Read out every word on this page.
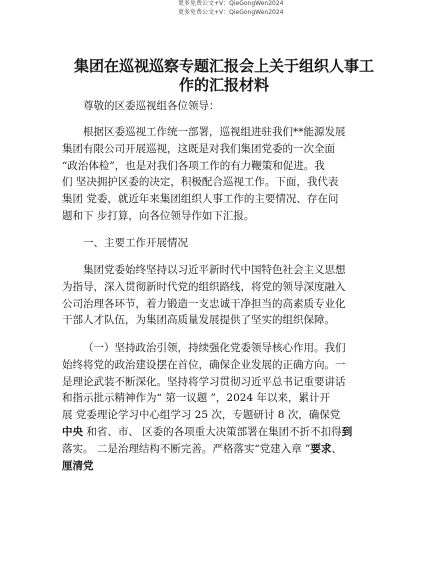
更多免费公文+V：QieGongWen2024
更多免费公文+V：QieGongWen2024
集团在巡视巡察专题汇报会上关于组织人事工
作的汇报材料
尊敬的区委巡视组各位领导：
根据区委巡视工作统一部署，巡视组进驻我们**能源发展
集团有限公司开展巡视，这既是对我们集团党委的一次全面
“政治体检”，也是对我们各项工作的有力鞭策和促进。我
们 坚决拥护区委的决定，积极配合巡视工作。下面，我代表
集团 党委，就近年来集团组织人事工作的主要情况、存在问
题和下 步打算，向各位领导作如下汇报。
一、主要工作开展情况
集团党委始终坚持以习近平新时代中国特色社会主义思想
为指导，深入贯彻新时代党的组织路线，将党的领导深度融入
公司治理各环节，着力锻造一支忠诚干净担当的高素质专业化
干部人才队伍，为集团高质量发展提供了坚实的组织保障。
（一）坚持政治引领，持续强化党委领导核心作用。我们
始终将党的政治建设摆在首位，确保企业发展的正确方向。一
是理论武装不断深化。坚持将学习贯彻习近平总书记重要讲话
和指示批示精神作为“ 第一议题 ”，2024 年以来，累计开
展 党委理论学习中心组学习 25 次，专题研讨 8 次，确保党
中央 和省、市、 区委的各项重大决策部署在集团不折不扣得到
落实。 二是治理结构不断完善。严格落实“党建入章 ”要求、
厘清党
